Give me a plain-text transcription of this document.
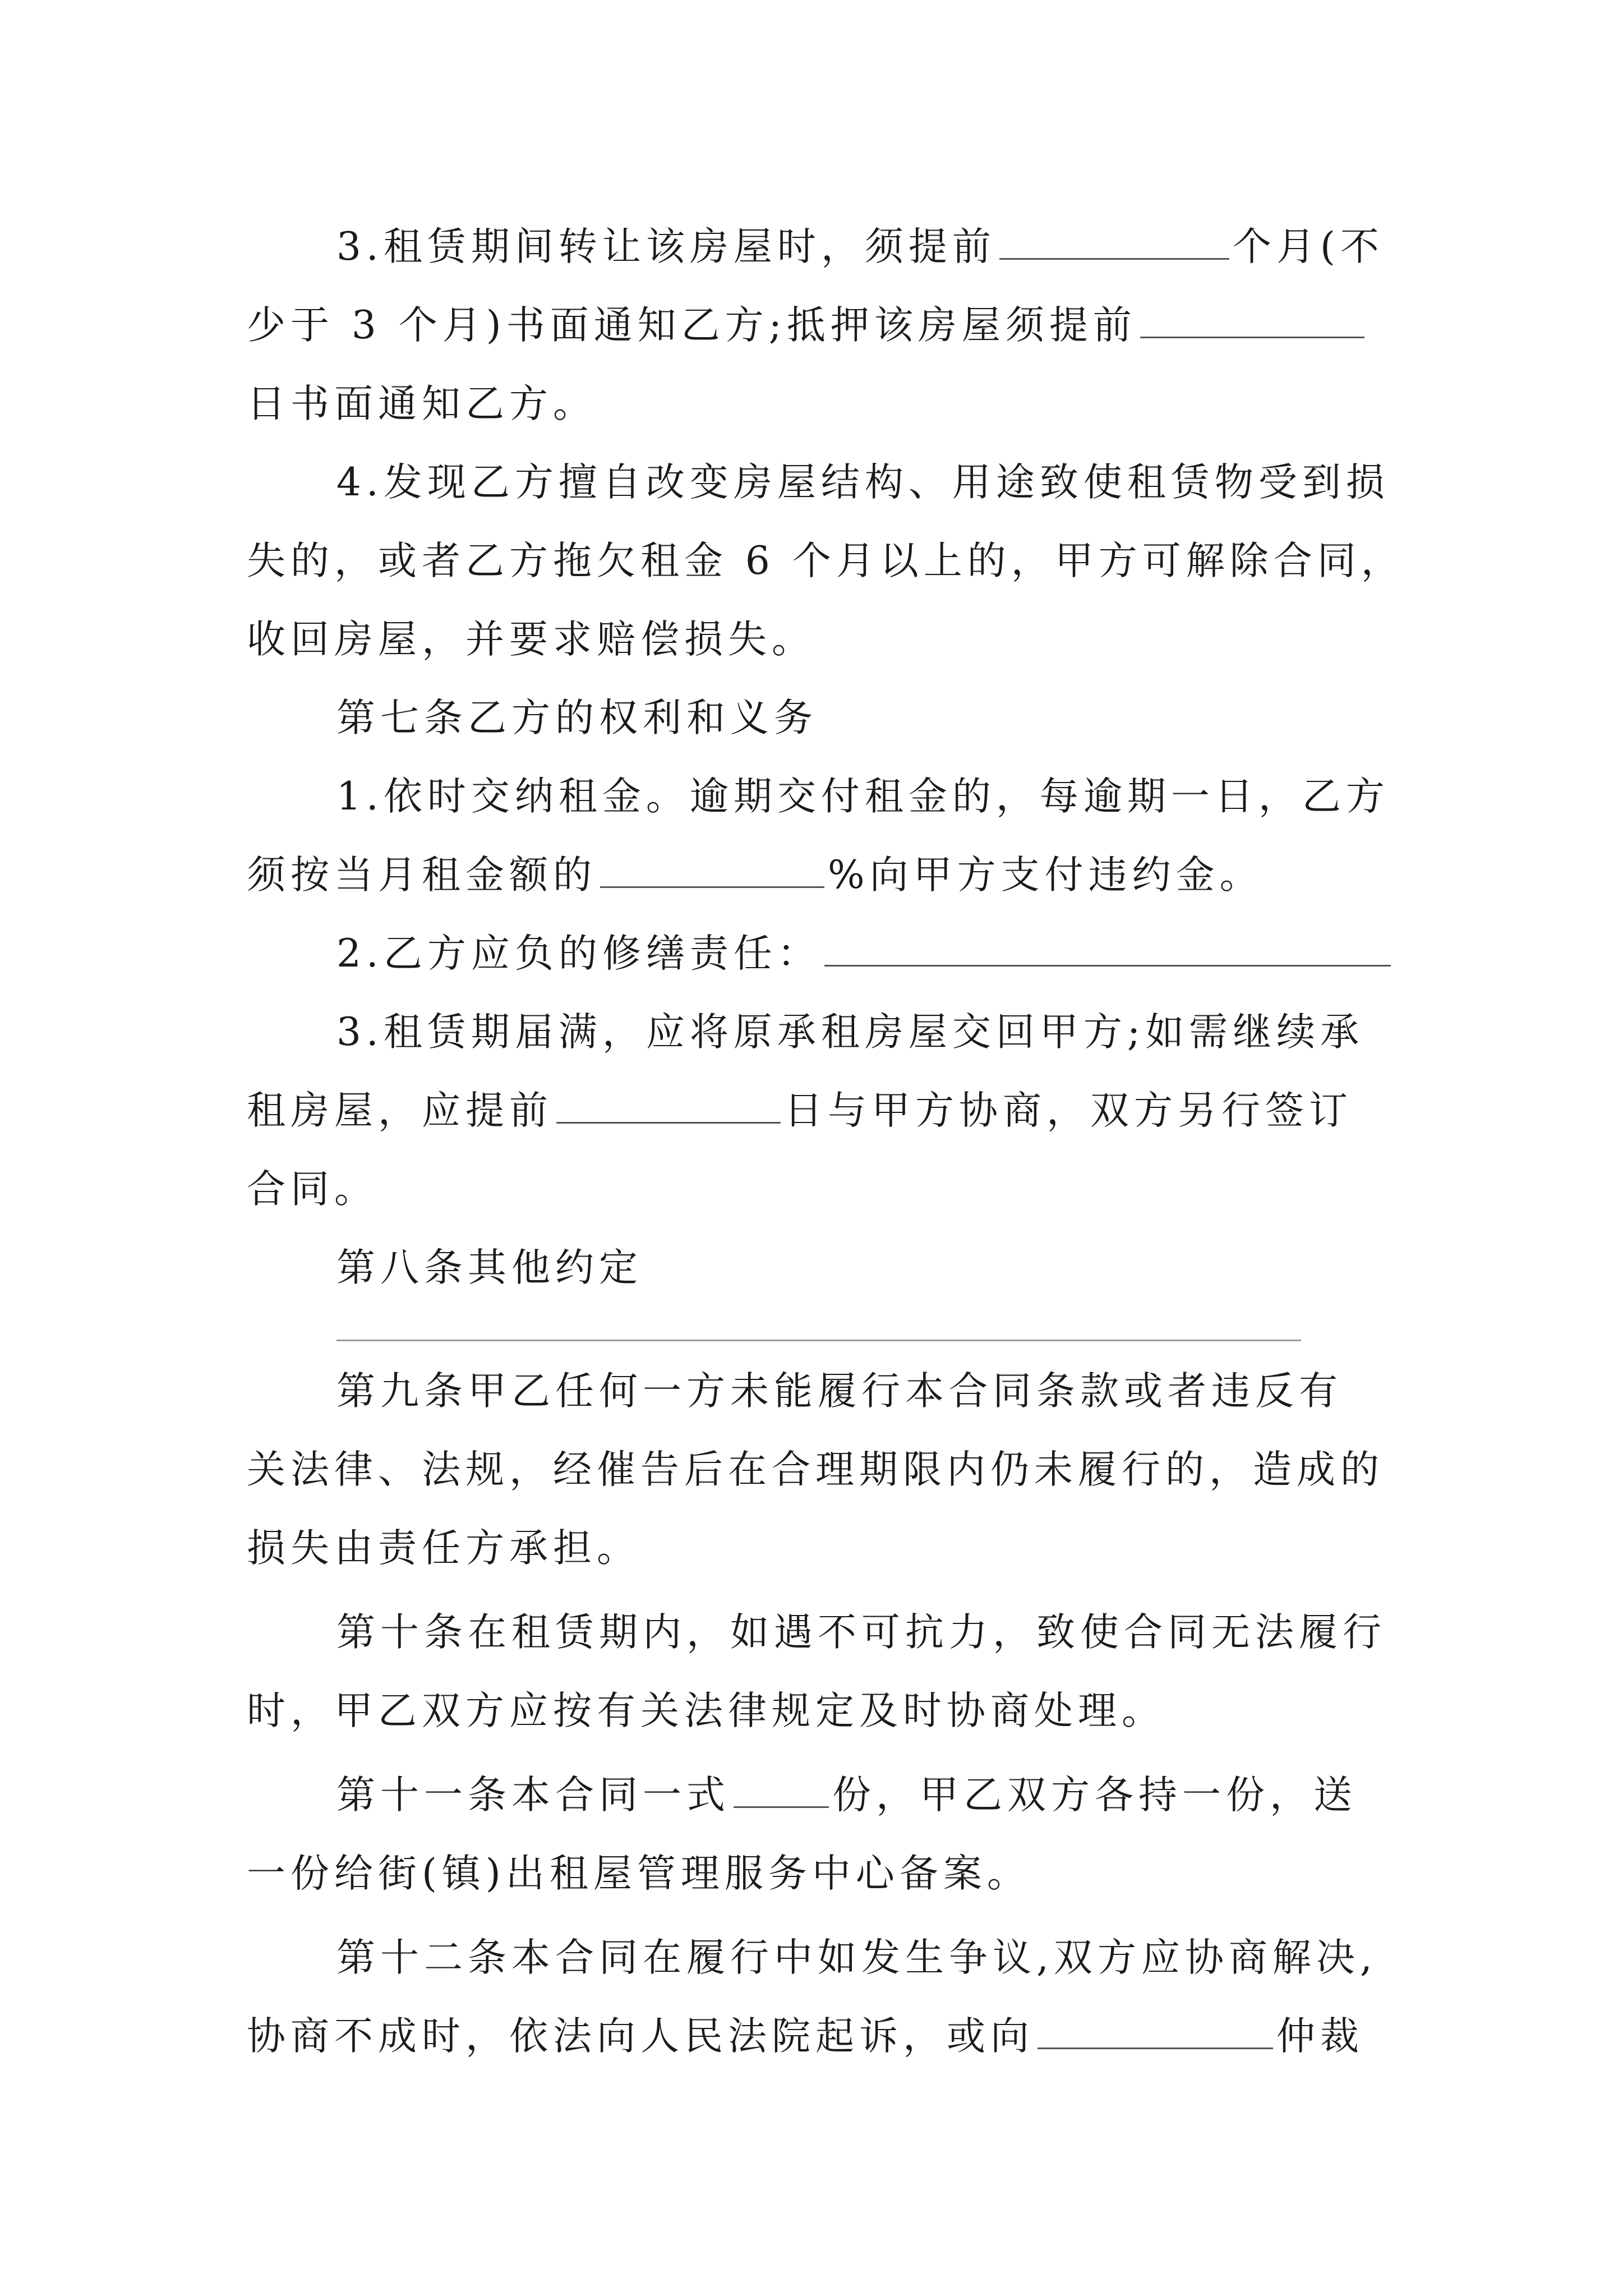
3.租赁期间转让该房屋时，须提前	个月(不
少于 3 个月)书面通知乙方;抵押该房屋须提前
日书面通知乙方。
4.发现乙方擅自改变房屋结构、用途致使租赁物受到损
失的，或者乙方拖欠租金 6 个月以上的，甲方可解除合同，
收回房屋，并要求赔偿损失。
第七条乙方的权利和义务
1.依时交纳租金。逾期交付租金的，每逾期一日，乙方
须按当月租金额的	%向甲方支付违约金。
2.乙方应负的修缮责任：
3.租赁期届满，应将原承租房屋交回甲方;如需继续承
租房屋，应提前	日与甲方协商，双方另行签订
合同。
第八条其他约定
第九条甲乙任何一方未能履行本合同条款或者违反有
关法律、法规，经催告后在合理期限内仍未履行的，造成的
损失由责任方承担。
第十条在租赁期内，如遇不可抗力，致使合同无法履行
时，甲乙双方应按有关法律规定及时协商处理。
第十一条本合同一式	份，甲乙双方各持一份，送
一份给街(镇)出租屋管理服务中心备案。
第十二条本合同在履行中如发生争议,双方应协商解决,
协商不成时，依法向人民法院起诉，或向	仲裁
